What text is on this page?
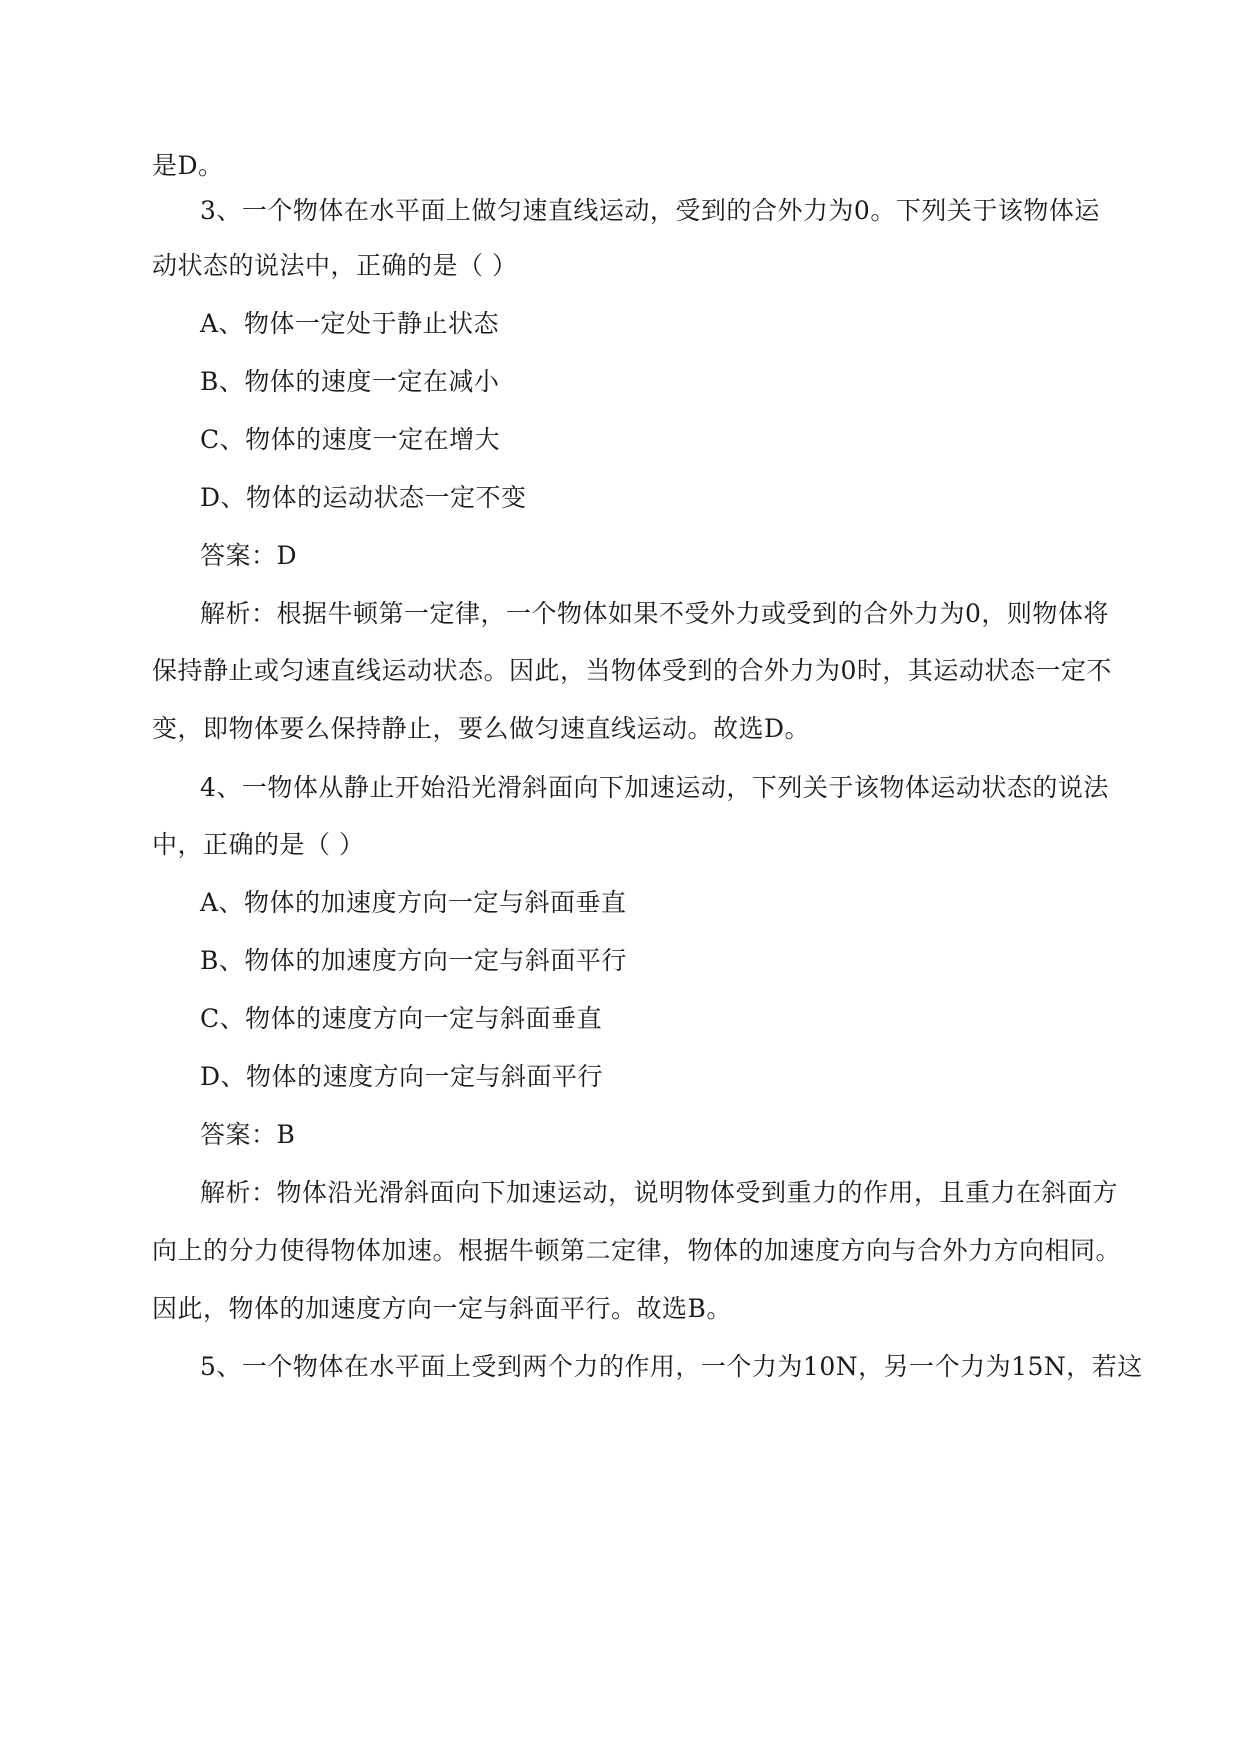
是D。
3、一个物体在水平面上做匀速直线运动，受到的合外力为0。下列关于该物体运
动状态的说法中，正确的是（ ）
A、物体一定处于静止状态
B、物体的速度一定在减小
C、物体的速度一定在增大
D、物体的运动状态一定不变
答案：D
解析：根据牛顿第一定律，一个物体如果不受外力或受到的合外力为0，则物体将
保持静止或匀速直线运动状态。因此，当物体受到的合外力为0时，其运动状态一定不
变，即物体要么保持静止，要么做匀速直线运动。故选D。
4、一物体从静止开始沿光滑斜面向下加速运动，下列关于该物体运动状态的说法
中，正确的是（ ）
A、物体的加速度方向一定与斜面垂直
B、物体的加速度方向一定与斜面平行
C、物体的速度方向一定与斜面垂直
D、物体的速度方向一定与斜面平行
答案：B
解析：物体沿光滑斜面向下加速运动，说明物体受到重力的作用，且重力在斜面方
向上的分力使得物体加速。根据牛顿第二定律，物体的加速度方向与合外力方向相同。
因此，物体的加速度方向一定与斜面平行。故选B。
5、一个物体在水平面上受到两个力的作用，一个力为10N，另一个力为15N，若这
